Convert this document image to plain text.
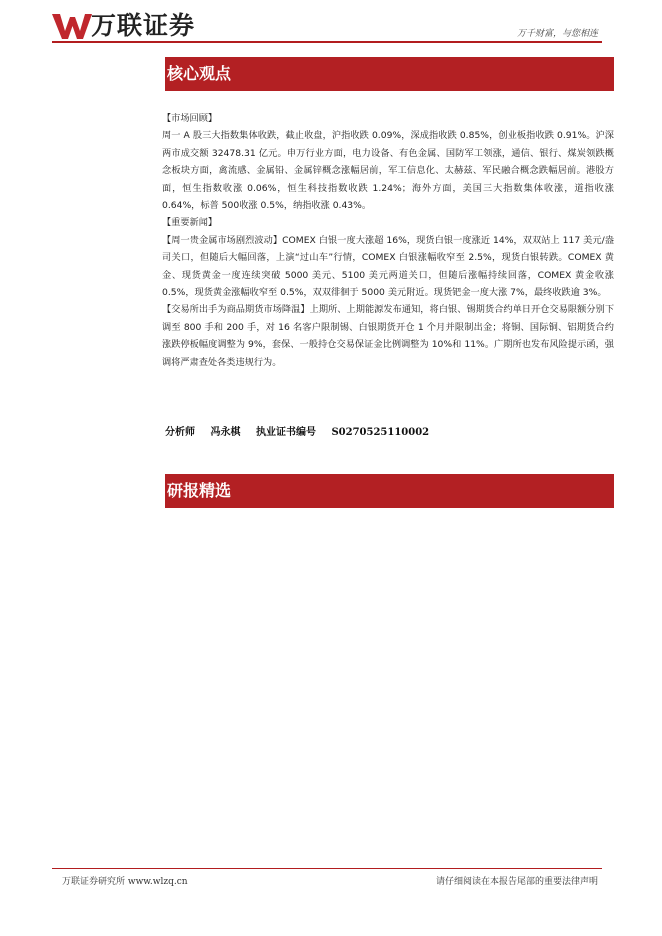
万联证券	万千财富，与您相连
核心观点

【市场回顾】

周一 A 股三大指数集体收跌，截止收盘，沪指收跌 0.09%，深成指收跌 0.85%，创业板指收跌 0.91%。沪深两市成交额 32478.31 亿元。申万行业方面，电力设备、有色金属、国防军工领涨，通信、银行、煤炭领跌概念板块方面，禽流感、金属铅、金属锌概念涨幅居前，军工信息化、太赫兹、军民融合概念跌幅居前。港股方面，恒生指数收涨 0.06%，恒生科技指数收跌 1.24%；海外方面，美国三大指数集体收涨，道指收涨 0.64%，标普 500收涨 0.5%，纳指收涨 0.43%。

【重要新闻】

【周一贵金属市场剧烈波动】COMEX 白银一度大涨超 16%，现货白银一度涨近 14%，双双站上 117 美元/盎司关口，但随后大幅回落，上演“过山车”行情，COMEX 白银涨幅收窄至 2.5%，现货白银转跌。COMEX 黄金、现货黄金一度连续突破 5000 美元、5100 美元两道关口，但随后涨幅持续回落，COMEX 黄金收涨 0.5%，现货黄金涨幅收窄至 0.5%，双双徘徊于 5000 美元附近。现货钯金一度大涨 7%，最终收跌逾 3%。

【交易所出手为商品期货市场降温】上期所、上期能源发布通知，将白银、锡期货合约单日开仓交易限额分别下调至 800 手和 200 手，对 16 名客户限制锡、白银期货开仓 1 个月并限制出金；将铜、国际铜、铝期货合约涨跌停板幅度调整为 9%，套保、一般持仓交易保证金比例调整为 10%和 11%。广期所也发布风险提示函，强调将严肃查处各类违规行为。

分析师 冯永棋 执业证书编号 S0270525110002
研报精选
万联证券研究所 www.wlzq.cn	请仔细阅读在本报告尾部的重要法律声明
